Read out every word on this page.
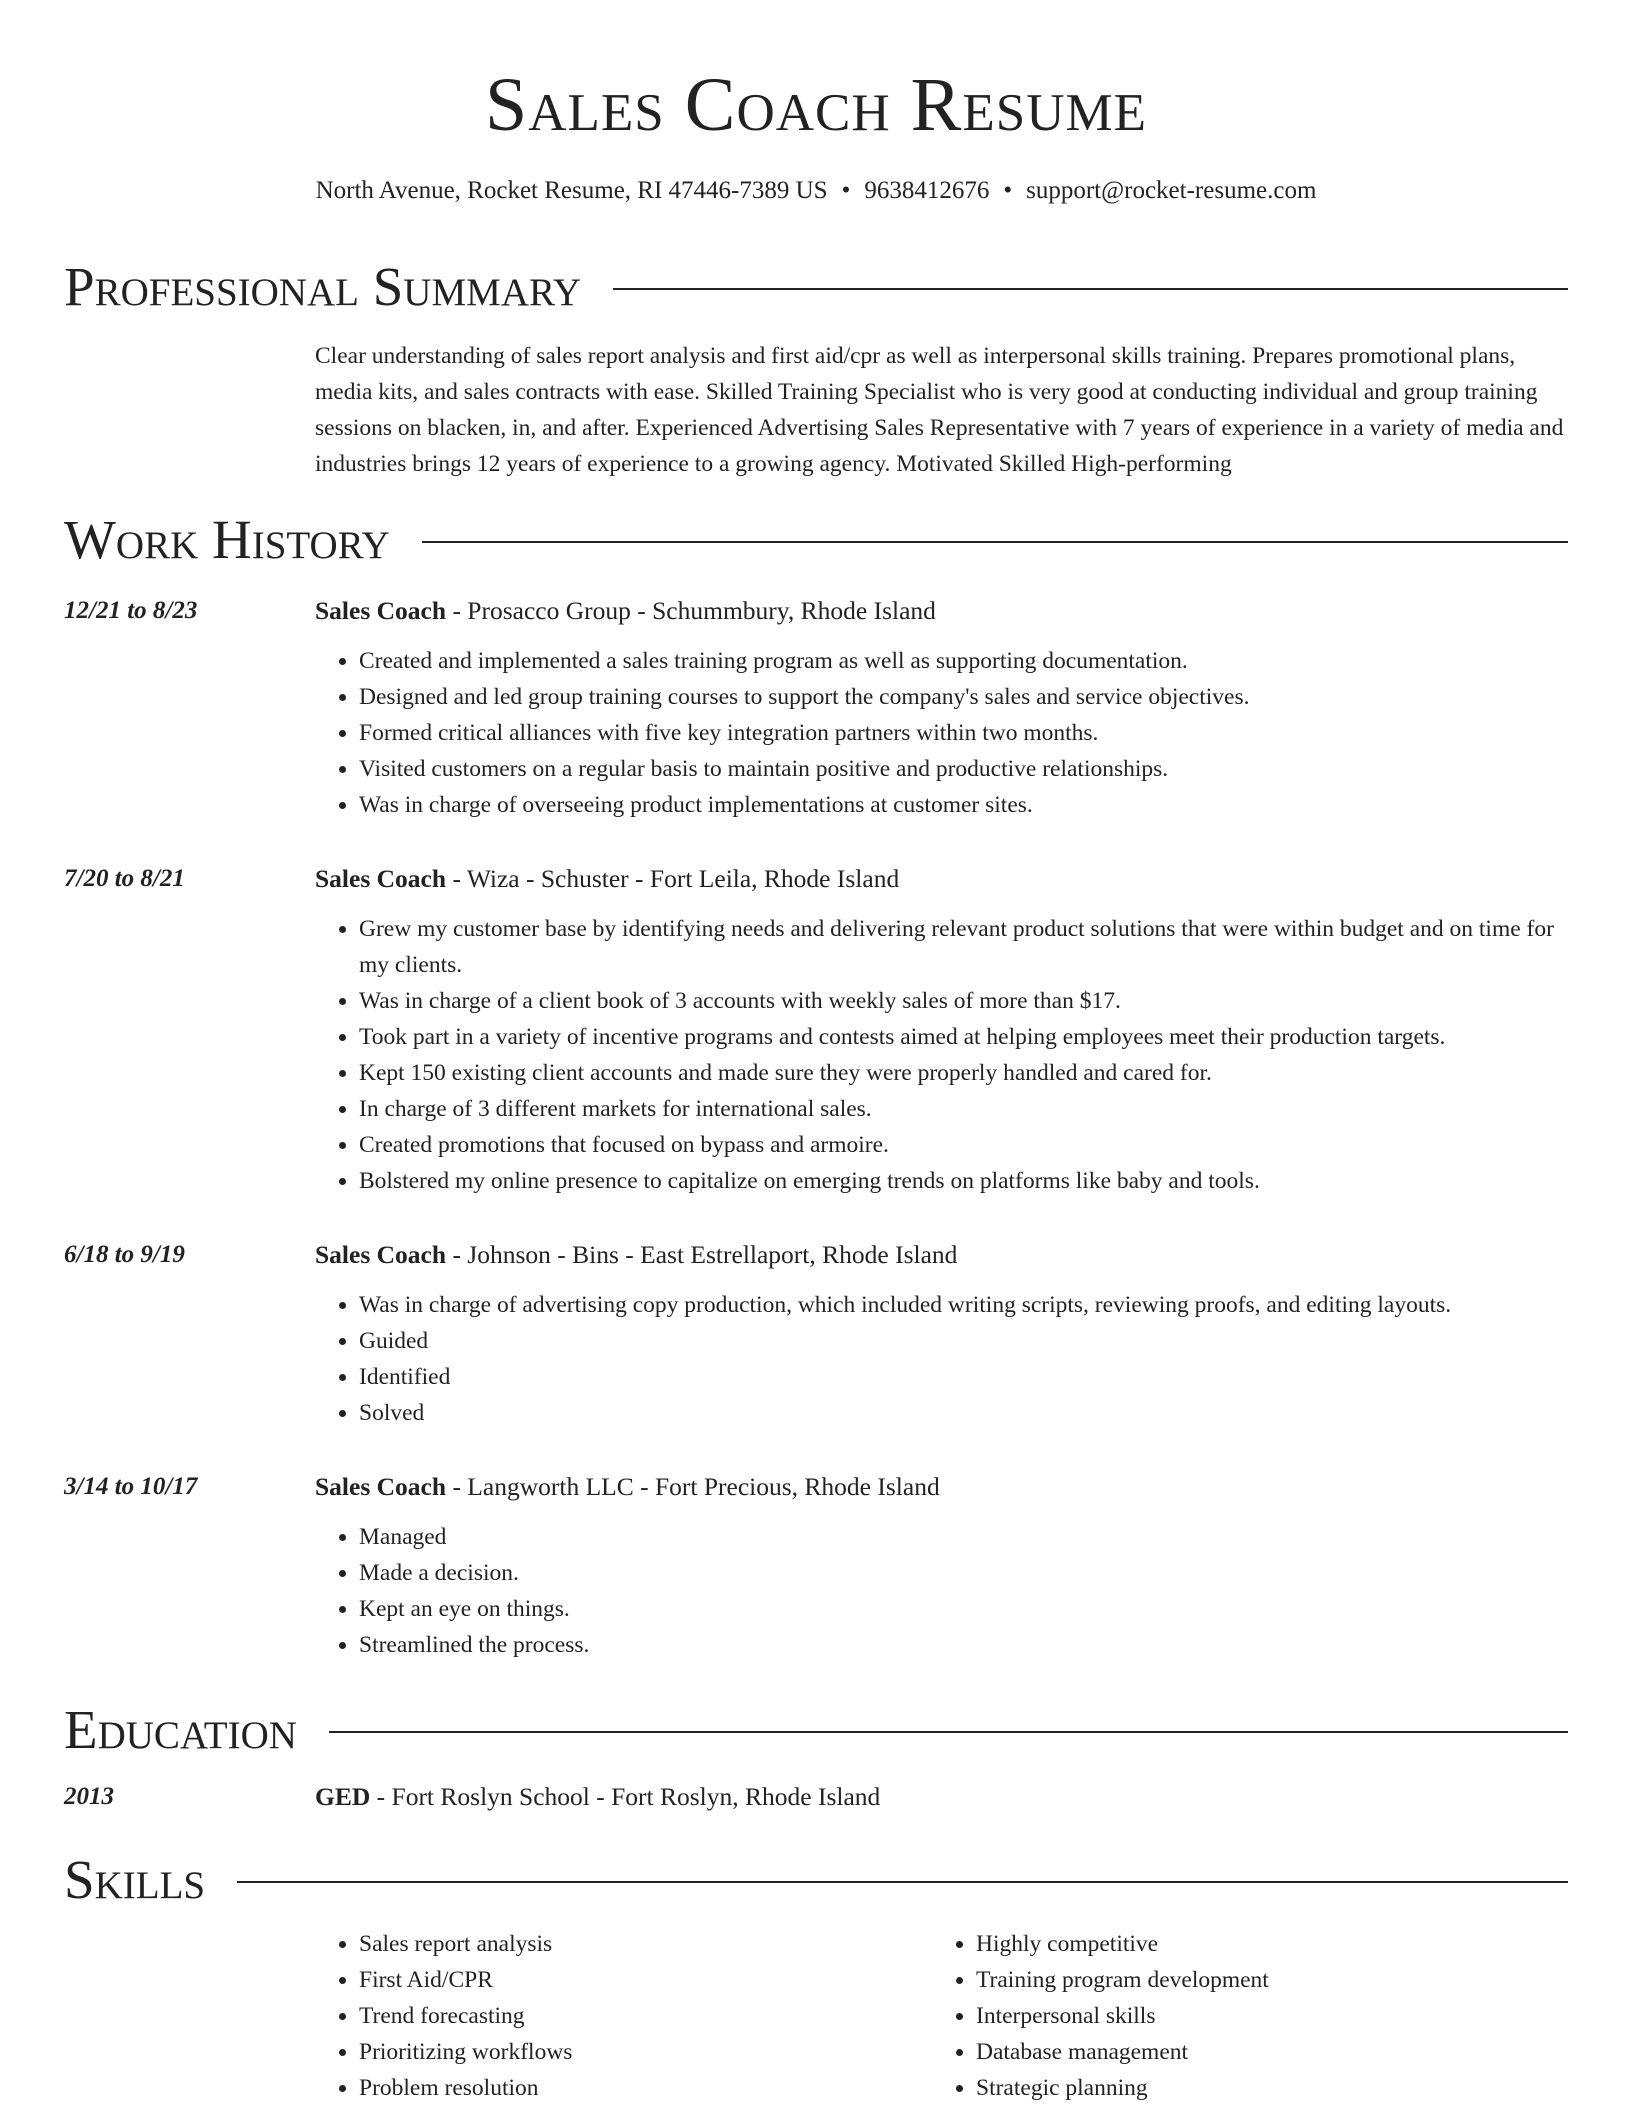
Sales Coach Resume
North Avenue, Rocket Resume, RI 47446-7389 US • 9638412676 • support@rocket-resume.com
Professional Summary
Clear understanding of sales report analysis and first aid/cpr as well as interpersonal skills training. Prepares promotional plans, media kits, and sales contracts with ease. Skilled Training Specialist who is very good at conducting individual and group training sessions on blacken, in, and after. Experienced Advertising Sales Representative with 7 years of experience in a variety of media and industries brings 12 years of experience to a growing agency. Motivated Skilled High-performing
Work History
12/21 to 8/23	Sales Coach - Prosacco Group - Schummbury, Rhode Island
• Created and implemented a sales training program as well as supporting documentation.
• Designed and led group training courses to support the company's sales and service objectives.
• Formed critical alliances with five key integration partners within two months.
• Visited customers on a regular basis to maintain positive and productive relationships.
• Was in charge of overseeing product implementations at customer sites.
7/20 to 8/21	Sales Coach - Wiza - Schuster - Fort Leila, Rhode Island
• Grew my customer base by identifying needs and delivering relevant product solutions that were within budget and on time for my clients.
• Was in charge of a client book of 3 accounts with weekly sales of more than $17.
• Took part in a variety of incentive programs and contests aimed at helping employees meet their production targets.
• Kept 150 existing client accounts and made sure they were properly handled and cared for.
• In charge of 3 different markets for international sales.
• Created promotions that focused on bypass and armoire.
• Bolstered my online presence to capitalize on emerging trends on platforms like baby and tools.
6/18 to 9/19	Sales Coach - Johnson - Bins - East Estrellaport, Rhode Island
• Was in charge of advertising copy production, which included writing scripts, reviewing proofs, and editing layouts.
• Guided
• Identified
• Solved
3/14 to 10/17	Sales Coach - Langworth LLC - Fort Precious, Rhode Island
• Managed
• Made a decision.
• Kept an eye on things.
• Streamlined the process.
Education
2013	GED - Fort Roslyn School - Fort Roslyn, Rhode Island
Skills
• Sales report analysis
• First Aid/CPR
• Trend forecasting
• Prioritizing workflows
• Problem resolution
• Highly competitive
• Training program development
• Interpersonal skills
• Database management
• Strategic planning
